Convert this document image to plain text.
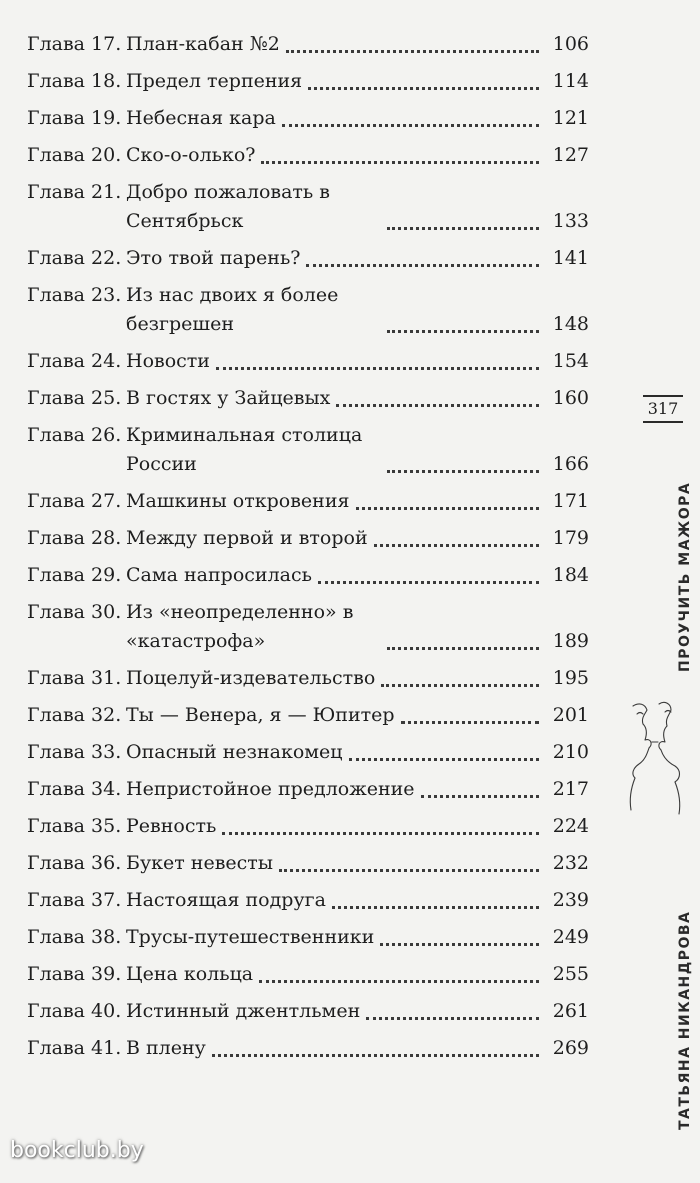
Глава 17. План-кабан №2	106
Глава 18. Предел терпения	114
Глава 19. Небесная кара	121
Глава 20. Ско-о-олько?	127
Глава 21. Добро пожаловать в Сентябрьск	133
Глава 22. Это твой парень?	141
Глава 23. Из нас двоих я более безгрешен	148
Глава 24. Новости	154
Глава 25. В гостях у Зайцевых	160
Глава 26. Криминальная столица России	166
Глава 27. Машкины откровения	171
Глава 28. Между первой и второй	179
Глава 29. Сама напросилась	184
Глава 30. Из «неопределенно» в «катастрофа»	189
Глава 31. Поцелуй-издевательство	195
Глава 32. Ты — Венера, я — Юпитер	201
Глава 33. Опасный незнакомец	210
Глава 34. Непристойное предложение	217
Глава 35. Ревность	224
Глава 36. Букет невесты	232
Глава 37. Настоящая подруга	239
Глава 38. Трусы-путешественники	249
Глава 39. Цена кольца	255
Глава 40. Истинный джентльмен	261
Глава 41. В плену	269
317
ПРОУЧИТЬ МАЖОРА
ТАТЬЯНА НИКАНДРОВА
bookclub.by
